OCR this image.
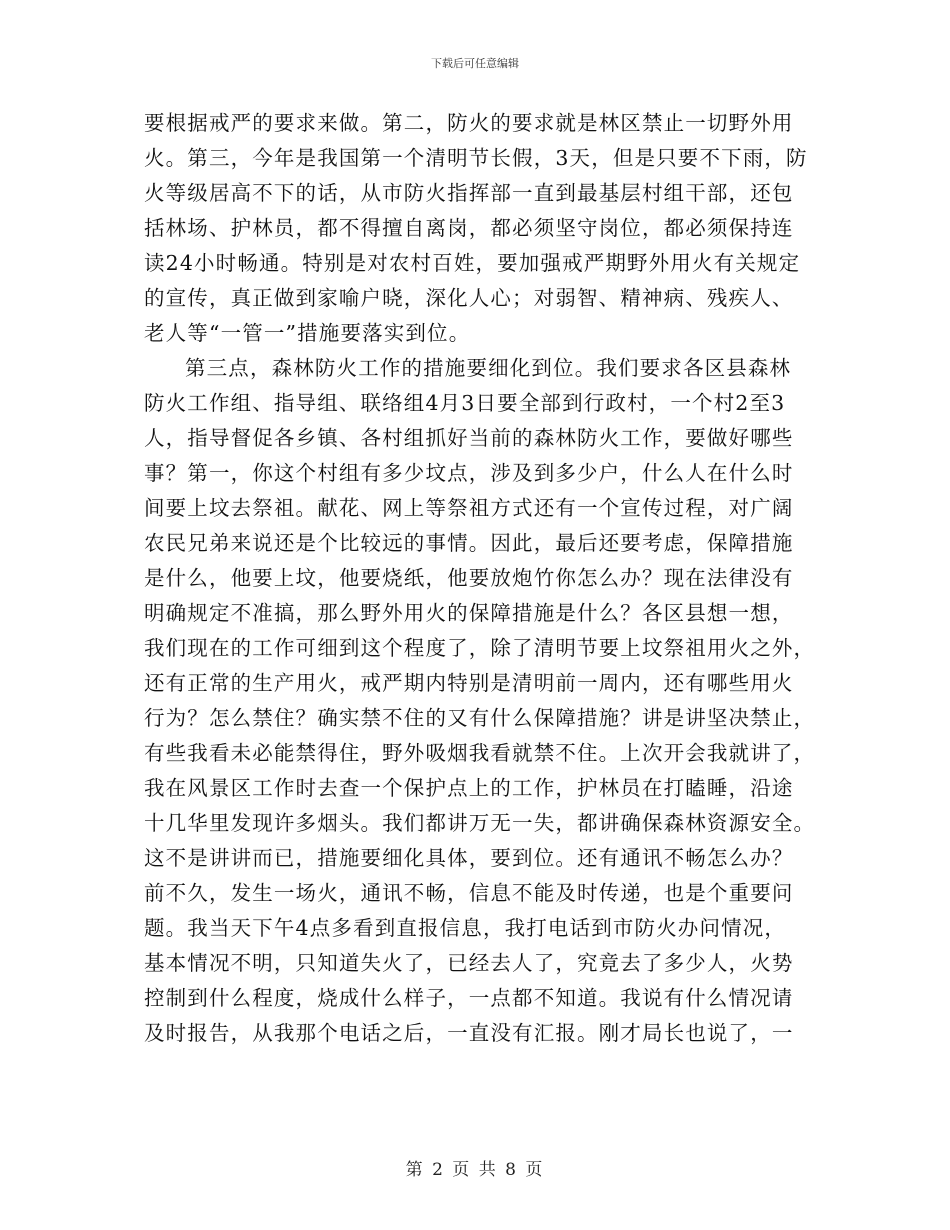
下载后可任意编辑
要根据戒严的要求来做。第二，防火的要求就是林区禁止一切野外用
火。第三，今年是我国第一个清明节长假，3天，但是只要不下雨，防
火等级居高不下的话，从市防火指挥部一直到最基层村组干部，还包
括林场、护林员，都不得擅自离岗，都必须坚守岗位，都必须保持连
读24小时畅通。特别是对农村百姓，要加强戒严期野外用火有关规定
的宣传，真正做到家喻户晓，深化人心；对弱智、精神病、残疾人、
老人等“一管一”措施要落实到位。
第三点，森林防火工作的措施要细化到位。我们要求各区县森林
防火工作组、指导组、联络组4月3日要全部到行政村，一个村2至3
人，指导督促各乡镇、各村组抓好当前的森林防火工作，要做好哪些
事？第一，你这个村组有多少坟点，涉及到多少户，什么人在什么时
间要上坟去祭祖。献花、网上等祭祖方式还有一个宣传过程，对广阔
农民兄弟来说还是个比较远的事情。因此，最后还要考虑，保障措施
是什么，他要上坟，他要烧纸，他要放炮竹你怎么办？现在法律没有
明确规定不准搞，那么野外用火的保障措施是什么？各区县想一想，
我们现在的工作可细到这个程度了，除了清明节要上坟祭祖用火之外，
还有正常的生产用火，戒严期内特别是清明前一周内，还有哪些用火
行为？怎么禁住？确实禁不住的又有什么保障措施？讲是讲坚决禁止，
有些我看未必能禁得住，野外吸烟我看就禁不住。上次开会我就讲了，
我在风景区工作时去查一个保护点上的工作，护林员在打瞌睡，沿途
十几华里发现许多烟头。我们都讲万无一失，都讲确保森林资源安全。
这不是讲讲而已，措施要细化具体，要到位。还有通讯不畅怎么办？
前不久，发生一场火，通讯不畅，信息不能及时传递，也是个重要问
题。我当天下午4点多看到直报信息，我打电话到市防火办问情况，
基本情况不明，只知道失火了，已经去人了，究竟去了多少人，火势
控制到什么程度，烧成什么样子，一点都不知道。我说有什么情况请
及时报告，从我那个电话之后，一直没有汇报。刚才局长也说了，一
第 2 页 共 8 页
